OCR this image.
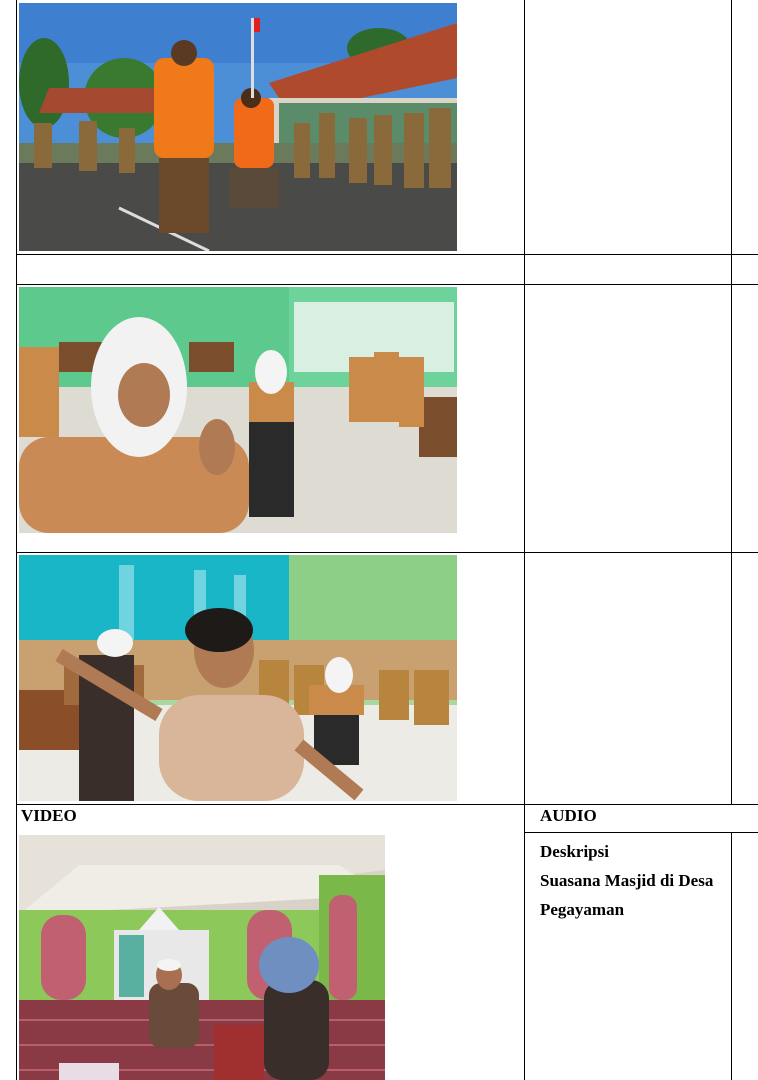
VIDEO	AUDIO
Deskripsi
Suasana Masjid di Desa Pegayaman
